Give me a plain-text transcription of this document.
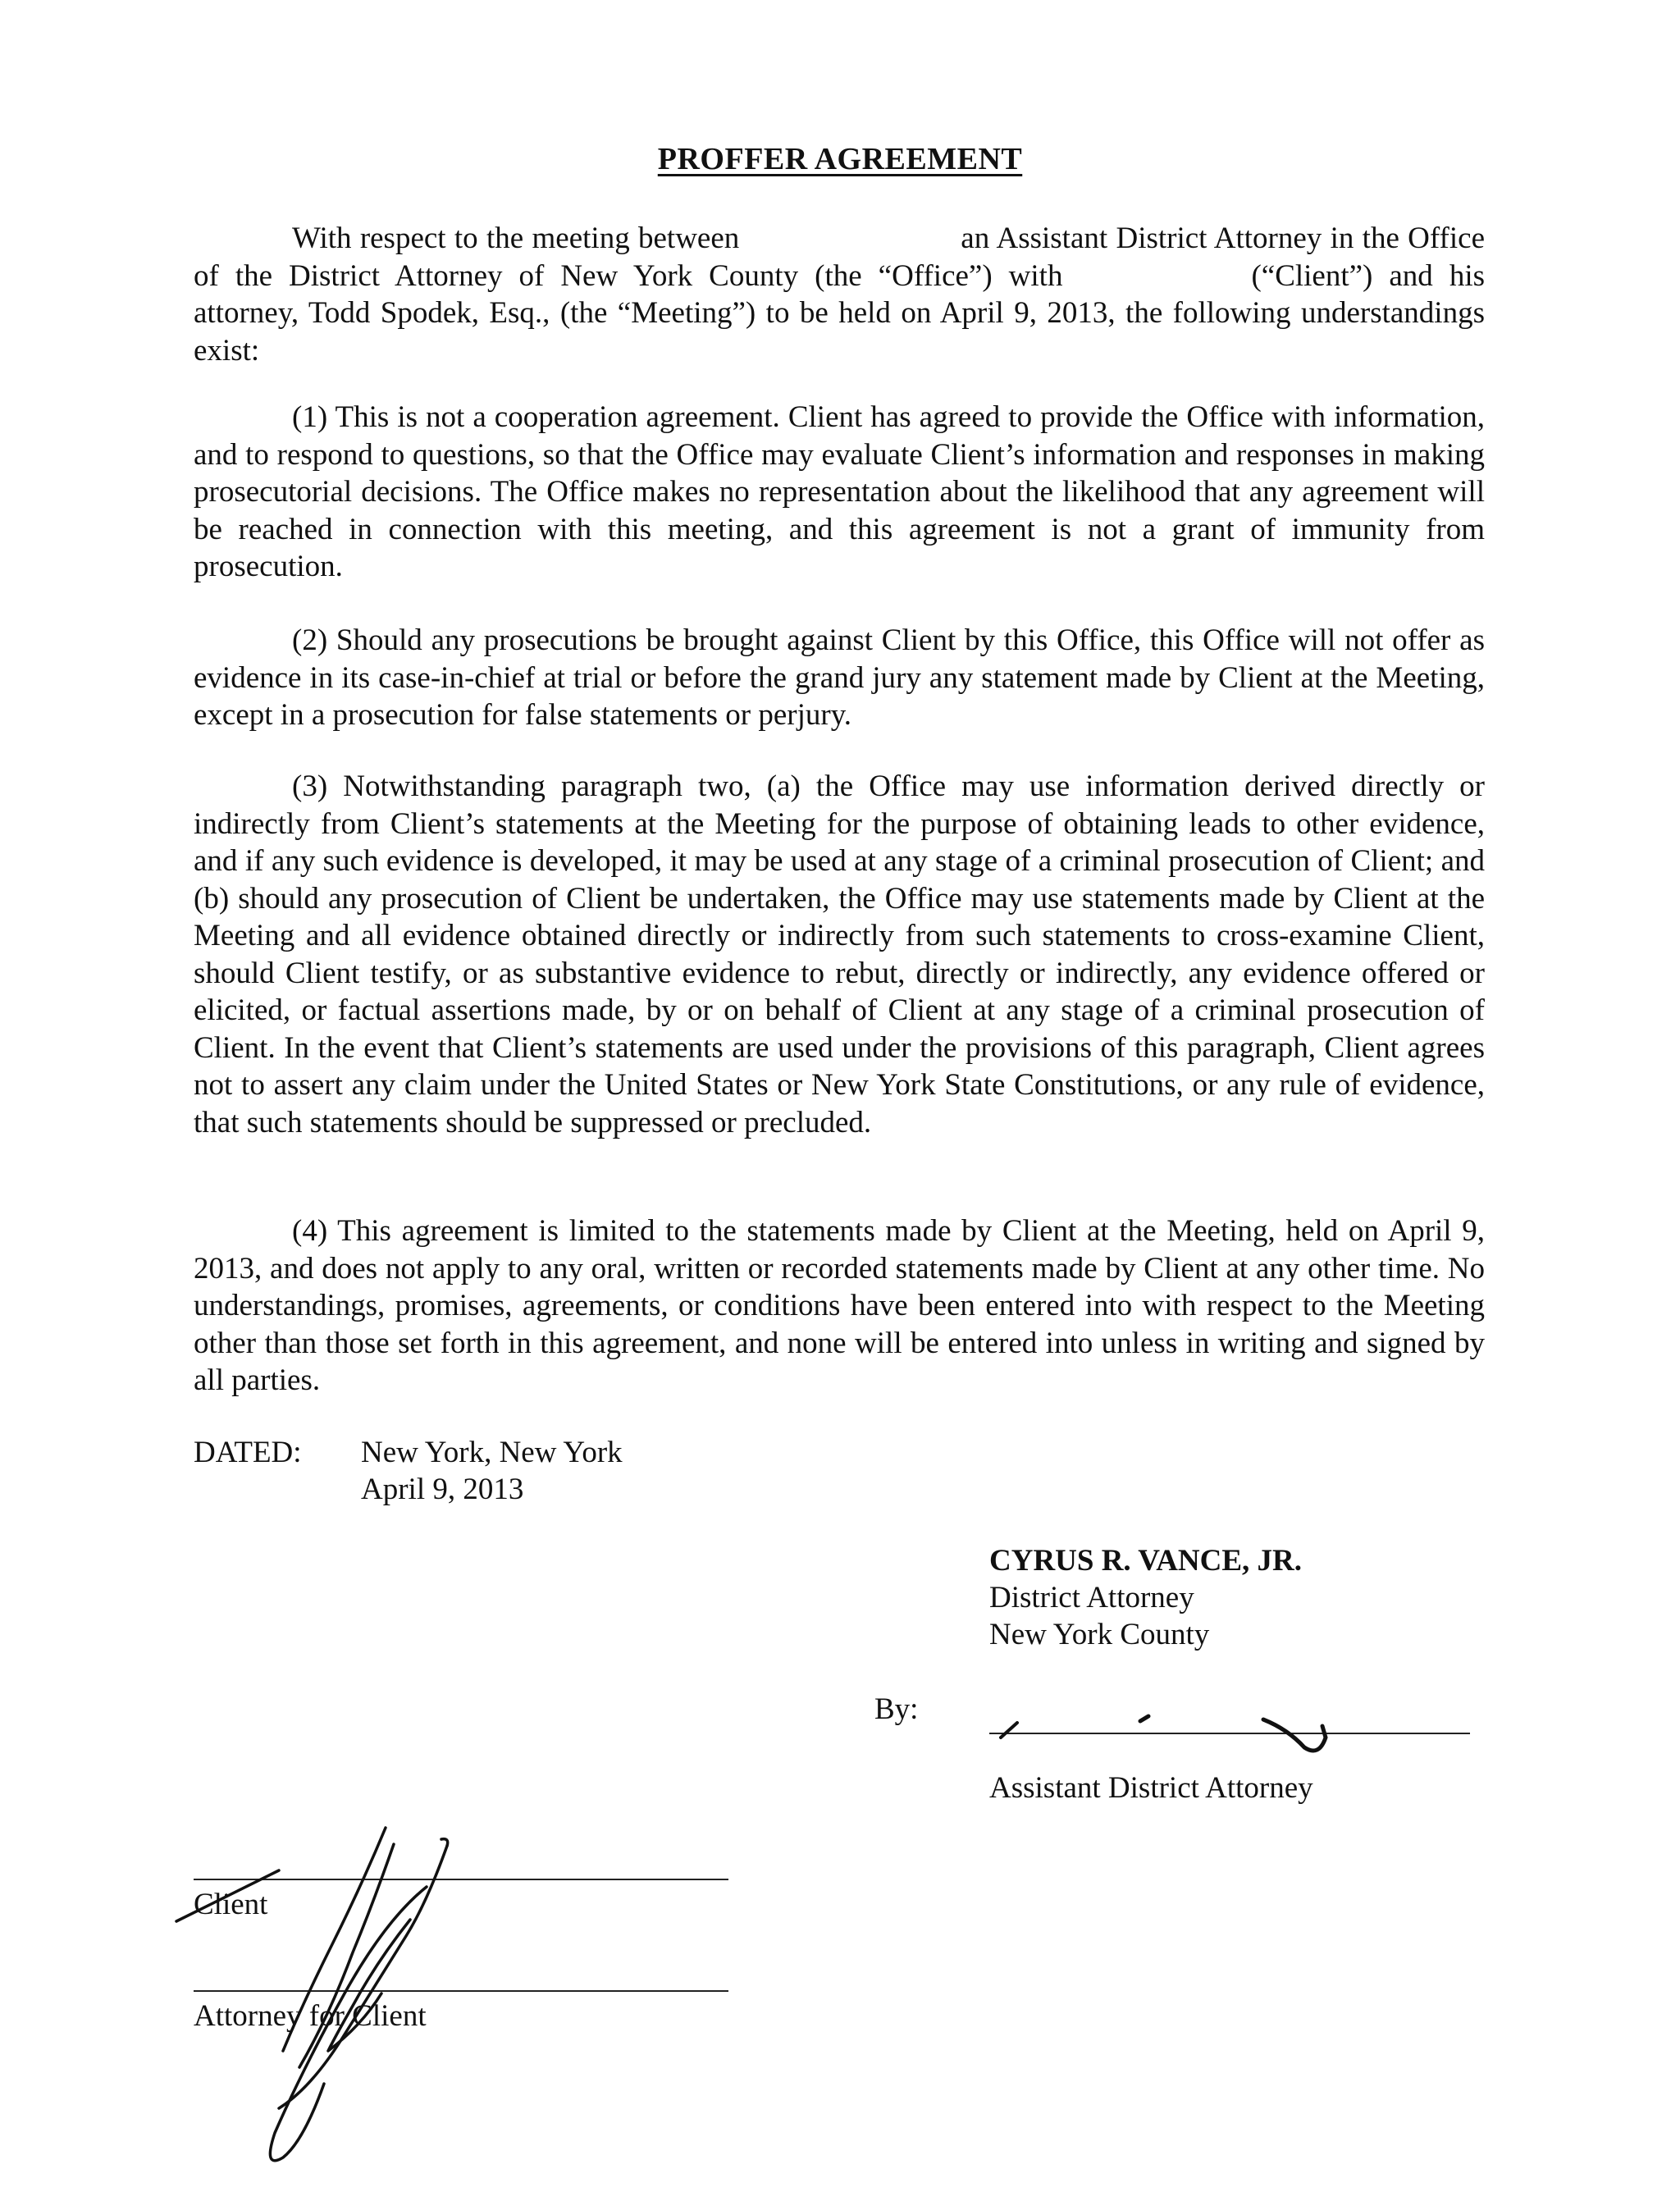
PROFFER AGREEMENT

With respect to the meeting between	an Assistant District Attorney in the Office of the District Attorney of New York County (the “Office”) with	(“Client”) and his attorney, Todd Spodek, Esq., (the “Meeting”) to be held on April 9, 2013, the following understandings exist:

(1) This is not a cooperation agreement. Client has agreed to provide the Office with information, and to respond to questions, so that the Office may evaluate Client’s information and responses in making prosecutorial decisions. The Office makes no representation about the likelihood that any agreement will be reached in connection with this meeting, and this agreement is not a grant of immunity from prosecution.

(2) Should any prosecutions be brought against Client by this Office, this Office will not offer as evidence in its case-in-chief at trial or before the grand jury any statement made by Client at the Meeting, except in a prosecution for false statements or perjury.

(3) Notwithstanding paragraph two, (a) the Office may use information derived directly or indirectly from Client’s statements at the Meeting for the purpose of obtaining leads to other evidence, and if any such evidence is developed, it may be used at any stage of a criminal prosecution of Client; and (b) should any prosecution of Client be undertaken, the Office may use statements made by Client at the Meeting and all evidence obtained directly or indirectly from such statements to cross-examine Client, should Client testify, or as substantive evidence to rebut, directly or indirectly, any evidence offered or elicited, or factual assertions made, by or on behalf of Client at any stage of a criminal prosecution of Client. In the event that Client’s statements are used under the provisions of this paragraph, Client agrees not to assert any claim under the United States or New York State Constitutions, or any rule of evidence, that such statements should be suppressed or precluded.

(4) This agreement is limited to the statements made by Client at the Meeting, held on April 9, 2013, and does not apply to any oral, written or recorded statements made by Client at any other time. No understandings, promises, agreements, or conditions have been entered into with respect to the Meeting other than those set forth in this agreement, and none will be entered into unless in writing and signed by all parties.

DATED:	New York, New York
April 9, 2013
CYRUS R. VANCE, JR.
District Attorney
New York County
By:
Assistant District Attorney
Client
Attorney for Client
